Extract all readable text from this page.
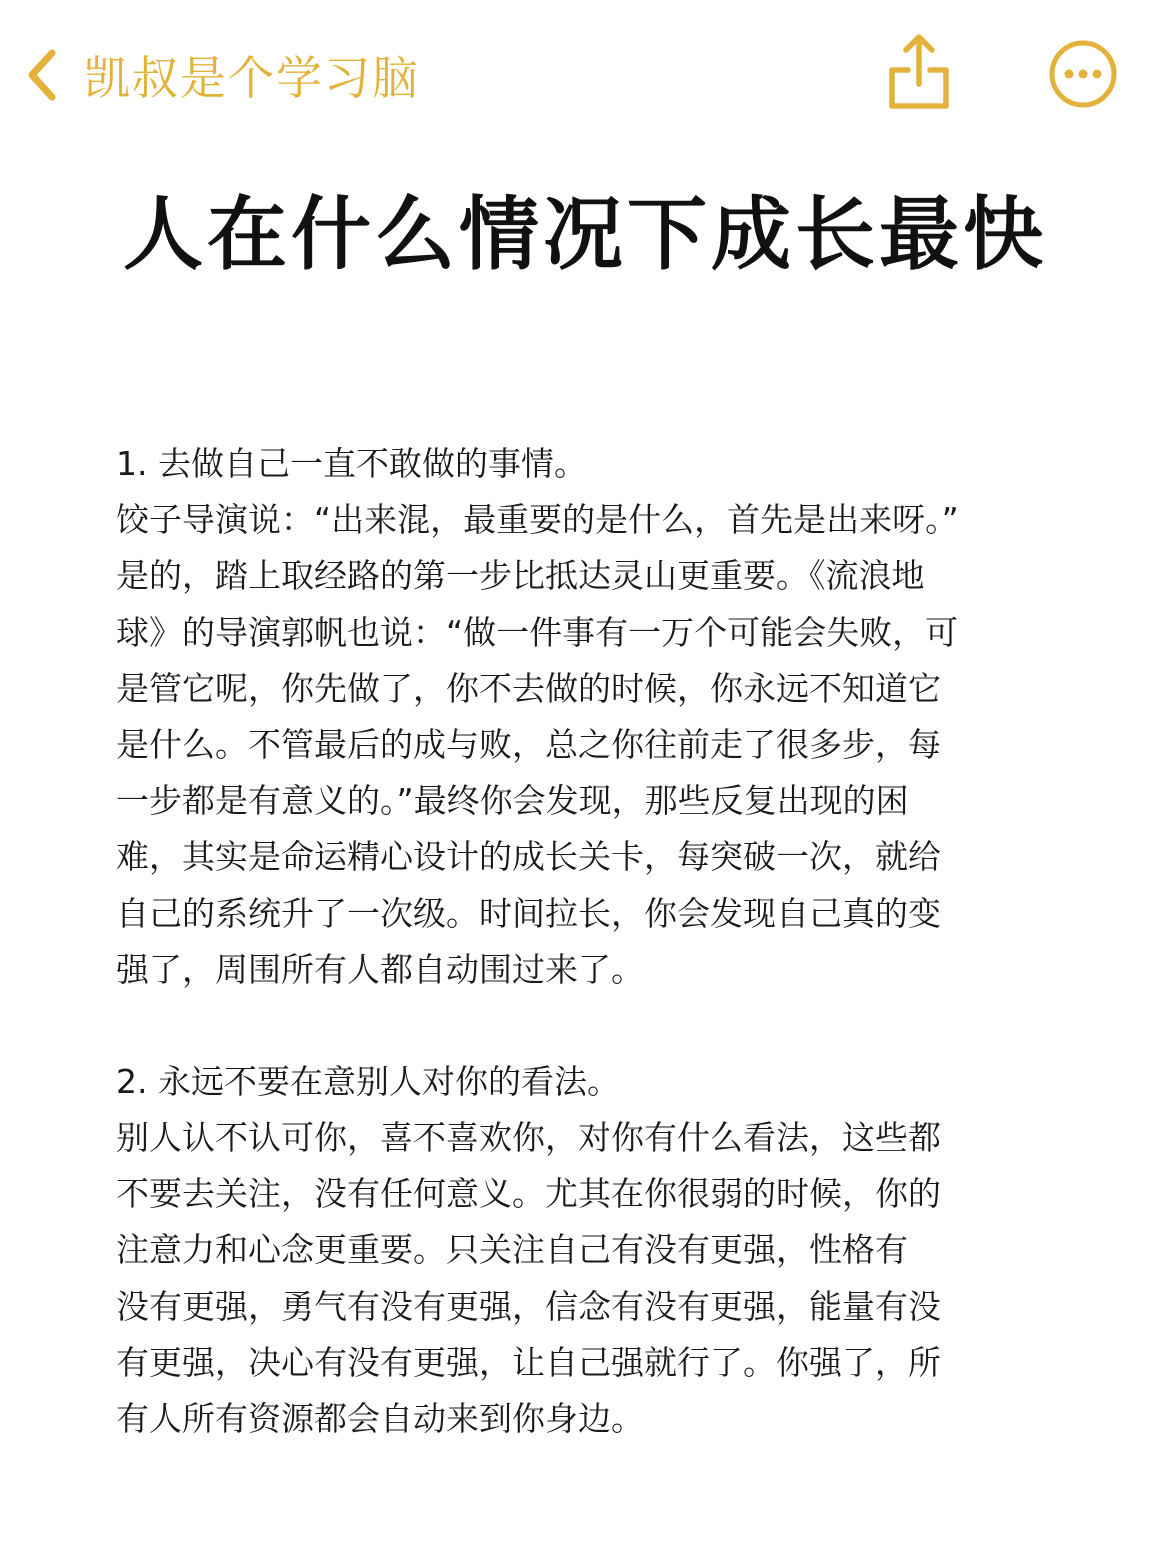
凯叔是个学习脑
人在什么情况下成长最快
1. 去做自己一直不敢做的事情。
饺子导演说：“出来混，最重要的是什么，首先是出来呀。”
是的，踏上取经路的第一步比抵达灵山更重要。《流浪地
球》的导演郭帆也说：“做一件事有一万个可能会失败，可
是管它呢，你先做了，你不去做的时候，你永远不知道它
是什么。不管最后的成与败，总之你往前走了很多步，每
一步都是有意义的。”最终你会发现，那些反复出现的困
难，其实是命运精心设计的成长关卡，每突破一次，就给
自己的系统升了一次级。时间拉长，你会发现自己真的变
强了，周围所有人都自动围过来了。
2. 永远不要在意别人对你的看法。
别人认不认可你，喜不喜欢你，对你有什么看法，这些都
不要去关注，没有任何意义。尤其在你很弱的时候，你的
注意力和心念更重要。只关注自己有没有更强，性格有
没有更强，勇气有没有更强，信念有没有更强，能量有没
有更强，决心有没有更强，让自己强就行了。你强了，所
有人所有资源都会自动来到你身边。
